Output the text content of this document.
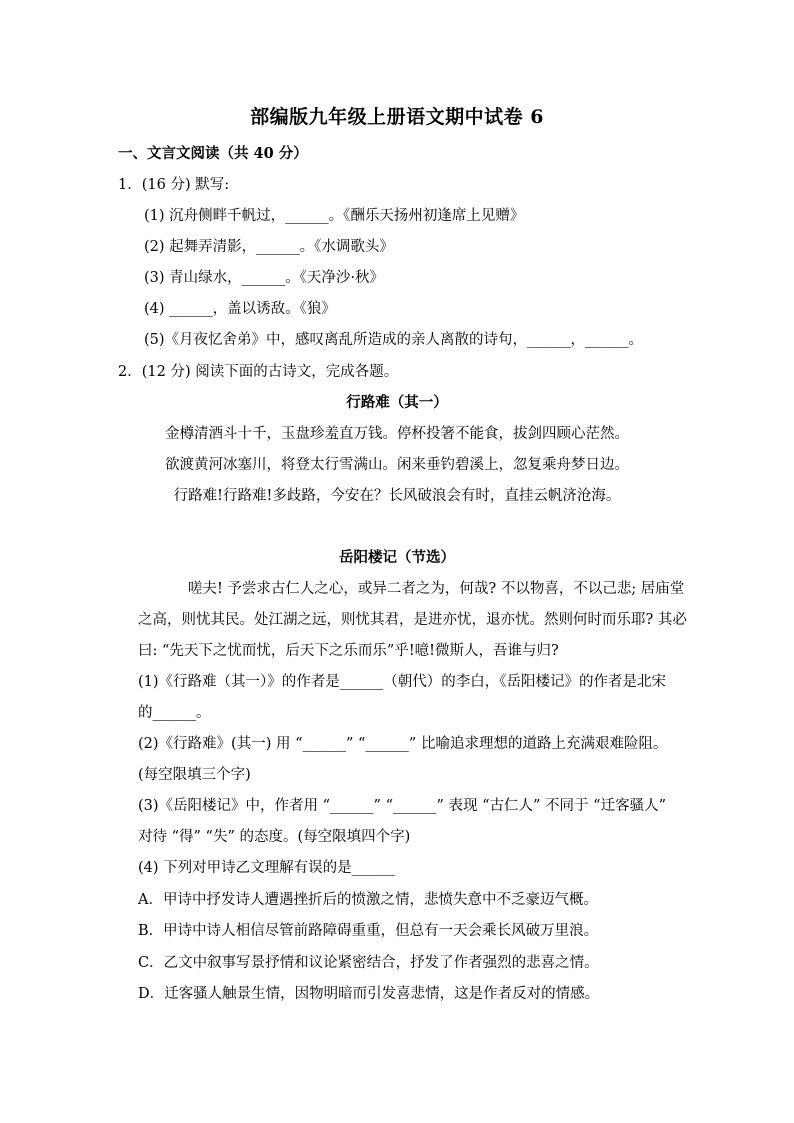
部编版九年级上册语文期中试卷 6
一、文言文阅读（共 40 分）
1．(16 分) 默写:
(1) 沉舟侧畔千帆过，______。《酬乐天扬州初逢席上见赠》
(2) 起舞弄清影，______。《水调歌头》
(3) 青山绿水，______。《天净沙·秋》
(4) ______，盖以诱敌。《狼》
(5)《月夜忆舍弟》中，感叹离乱所造成的亲人离散的诗句，______，______。
2．(12 分) 阅读下面的古诗文，完成各题。
行路难（其一）
金樽清酒斗十千，玉盘珍羞直万钱。停杯投箸不能食，拔剑四顾心茫然。
欲渡黄河冰塞川，将登太行雪满山。闲来垂钓碧溪上，忽复乘舟梦日边。
行路难!行路难!多歧路，今安在？长风破浪会有时，直挂云帆济沧海。
岳阳楼记（节选）
嗟夫! 予尝求古仁人之心，或异二者之为，何哉? 不以物喜，不以己悲; 居庙堂
之高，则忧其民。处江湖之远，则忧其君，是进亦忧，退亦忧。然则何时而乐耶? 其必
曰: “先天下之忧而忧，后天下之乐而乐”乎!噫!微斯人，吾谁与归?
(1)《行路难（其一）》的作者是______（朝代）的李白，《岳阳楼记》的作者是北宋
的______。
(2)《行路难》(其一) 用 “______” “______” 比喻追求理想的道路上充满艰难险阻。
(每空限填三个字)
(3)《岳阳楼记》中，作者用 “______” “______” 表现 “古仁人” 不同于 “迁客骚人”
对待 “得” “失” 的态度。(每空限填四个字)
(4) 下列对甲诗乙文理解有误的是______
A．甲诗中抒发诗人遭遇挫折后的愤激之情，悲愤失意中不乏豪迈气概。
B．甲诗中诗人相信尽管前路障碍重重，但总有一天会乘长风破万里浪。
C．乙文中叙事写景抒情和议论紧密结合，抒发了作者强烈的悲喜之情。
D．迁客骚人触景生情，因物明暗而引发喜悲情，这是作者反对的情感。
